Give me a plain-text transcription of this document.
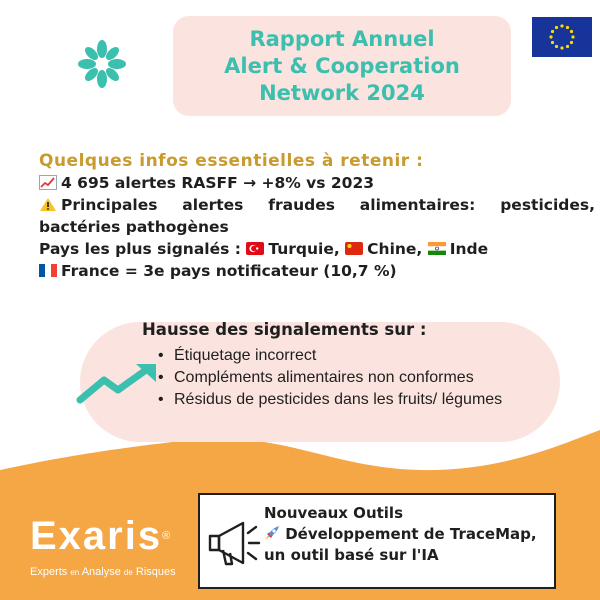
Rapport Annuel
Alert & Cooperation
Network 2024
Quelques infos essentielles à retenir :
4 695 alertes RASFF → +8% vs 2023
Principales alertes fraudes alimentaires: pesticides, bactéries pathogènes
Pays les plus signalés : Turquie, Chine, Inde
France = 3e pays notificateur (10,7 %)
Hausse des signalements sur :
• Étiquetage incorrect
• Compléments alimentaires non conformes
• Résidus de pesticides dans les fruits/ légumes
Exaris®
Experts en Analyse de Risques
Nouveaux Outils
Développement de TraceMap,
un outil basé sur l'IA
